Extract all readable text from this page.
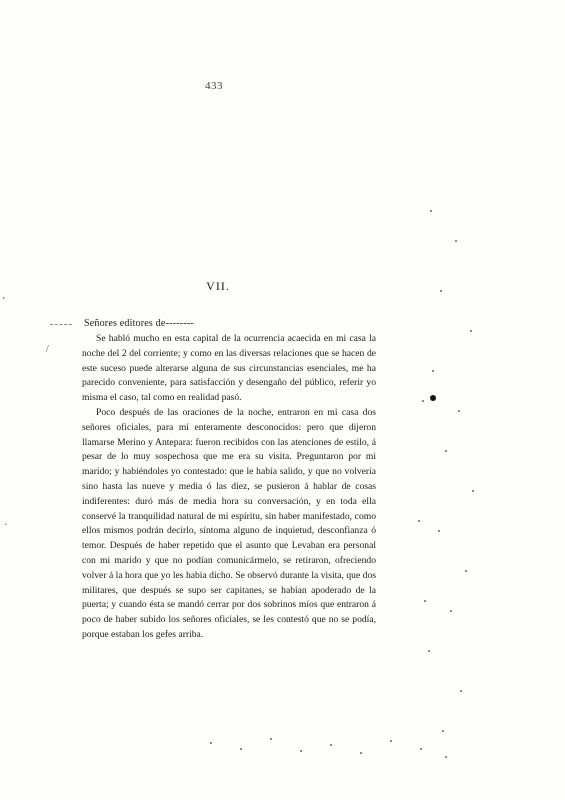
433
‚
·
VII.
/
Señores editores de--------

Se habló mucho en esta capital de la ocurrencia acaecida en mi casa la noche del 2 del corriente; y como en las diversas relaciones que se hacen de este suceso puede alterarse alguna de sus circunstancias esenciales, me ha parecido conveniente, para satisfacción y desengaño del público, referir yo misma el caso, tal como en realidad pasó.

Poco después de las oraciones de la noche, entraron en mi casa dos señores oficiales, para mí enteramente desconocidos: pero que dijeron llamarse Merino y Antepara: fueron recibidos con las atenciones de estilo, á pesar de lo muy sospechosa que me era su visita. Preguntaron por mi marido; y habiéndoles yo contestado: que le había salido, y que no volvería sino hasta las nueve y media ó las diez, se pusieron á hablar de cosas indiferentes: duró más de media hora su conversación, y en toda ella conservé la tranquilidad natural de mi espíritu, sin haber manifestado, como ellos mismos podrán decirlo, síntoma alguno de inquietud, desconfianza ó temor. Después de haber repetido que el asunto que Levaban era personal con mi marido y que no podían comunicármelo, se retiraron, ofreciendo volver á la hora que yo les había dicho. Se observó durante la visita, que dos militares, que después se supo ser capitanes, se habían apoderado de la puerta; y cuando ésta se mandó cerrar por dos sobrinos míos que entraron á poco de haber subido los señores oficiales, se les contestó que no se podía, porque estaban los gefes arriba.
